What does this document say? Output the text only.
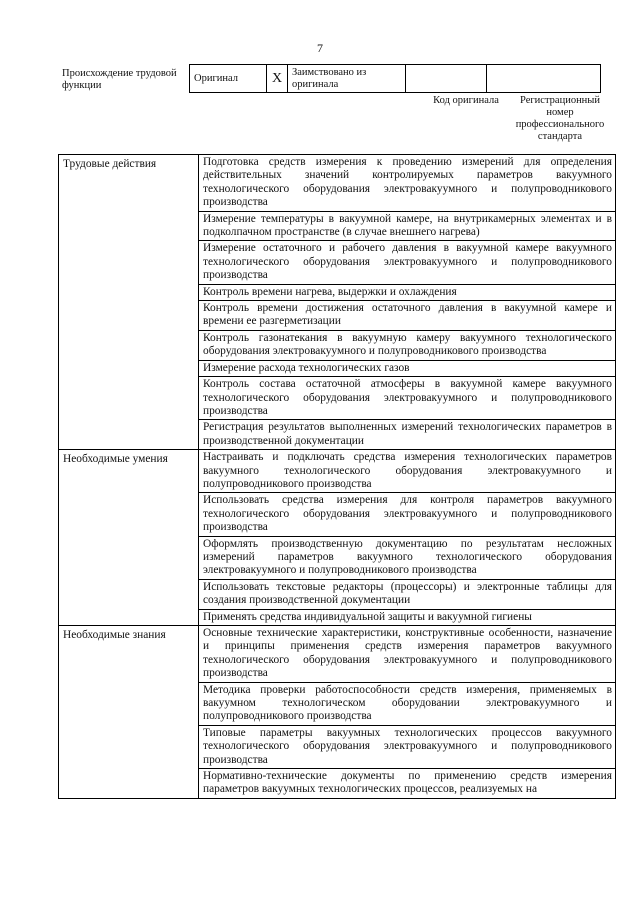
7
Происхождение трудовой функции
Оригинал	X	Заимствовано из оригинала		
Код оригинала	Регистрационный номер профессионального стандарта
Трудовые действия	Подготовка средств измерения к проведению измерений для определения действительных значений контролируемых параметров вакуумного технологического оборудования электровакуумного и полупроводникового производства
	Измерение температуры в вакуумной камере, на внутрикамерных элементах и в подколпачном пространстве (в случае внешнего нагрева)
	Измерение остаточного и рабочего давления в вакуумной камере вакуумного технологического оборудования электровакуумного и полупроводникового производства
	Контроль времени нагрева, выдержки и охлаждения
	Контроль времени достижения остаточного давления в вакуумной камере и времени ее разгерметизации
	Контроль газонатекания в вакуумную камеру вакуумного технологического оборудования электровакуумного и полупроводникового производства
	Измерение расхода технологических газов
	Контроль состава остаточной атмосферы в вакуумной камере вакуумного технологического оборудования электровакуумного и полупроводникового производства
	Регистрация результатов выполненных измерений технологических параметров в производственной документации
Необходимые умения	Настраивать и подключать средства измерения технологических параметров вакуумного технологического оборудования электровакуумного и полупроводникового производства
	Использовать средства измерения для контроля параметров вакуумного технологического оборудования электровакуумного и полупроводникового производства
	Оформлять производственную документацию по результатам несложных измерений параметров вакуумного технологического оборудования электровакуумного и полупроводникового производства
	Использовать текстовые редакторы (процессоры) и электронные таблицы для создания производственной документации
	Применять средства индивидуальной защиты и вакуумной гигиены
Необходимые знания	Основные технические характеристики, конструктивные особенности, назначение и принципы применения средств измерения параметров вакуумного технологического оборудования электровакуумного и полупроводникового производства
	Методика проверки работоспособности средств измерения, применяемых в вакуумном технологическом оборудовании электровакуумного и полупроводникового производства
	Типовые параметры вакуумных технологических процессов вакуумного технологического оборудования электровакуумного и полупроводникового производства
	Нормативно-технические документы по применению средств измерения параметров вакуумных технологических процессов, реализуемых на
